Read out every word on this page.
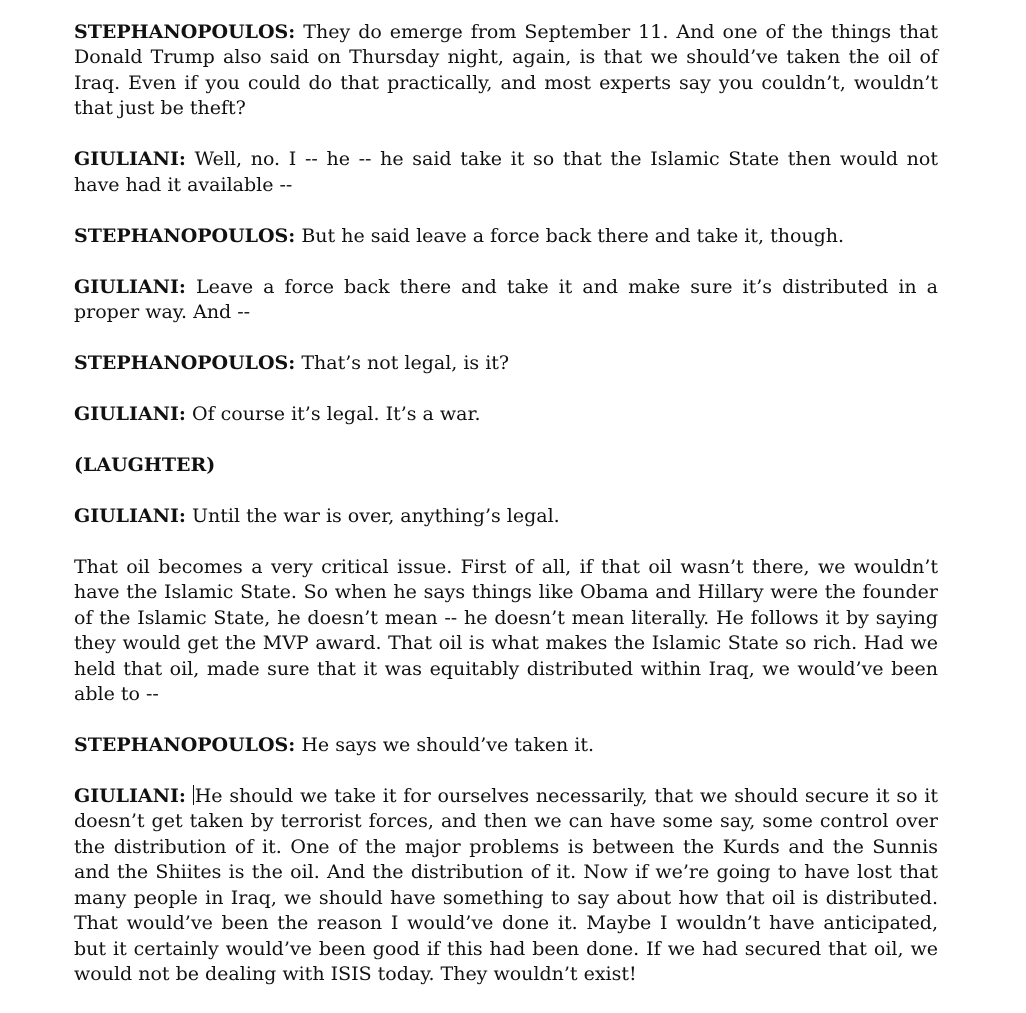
STEPHANOPOULOS: They do emerge from September 11. And one of the things that Donald Trump also said on Thursday night, again, is that we should’ve taken the oil of Iraq. Even if you could do that practically, and most experts say you couldn’t, wouldn’t that just be theft?

GIULIANI: Well, no. I -- he -- he said take it so that the Islamic State then would not have had it available --

STEPHANOPOULOS: But he said leave a force back there and take it, though.

GIULIANI: Leave a force back there and take it and make sure it’s distributed in a proper way. And --

STEPHANOPOULOS: That’s not legal, is it?

GIULIANI: Of course it’s legal. It’s a war.

(LAUGHTER)

GIULIANI: Until the war is over, anything’s legal.

That oil becomes a very critical issue. First of all, if that oil wasn’t there, we wouldn’t have the Islamic State. So when he says things like Obama and Hillary were the founder of the Islamic State, he doesn’t mean -- he doesn’t mean literally. He follows it by saying they would get the MVP award. That oil is what makes the Islamic State so rich. Had we held that oil, made sure that it was equitably distributed within Iraq, we would’ve been able to --

STEPHANOPOULOS: He says we should’ve taken it.

GIULIANI: He should we take it for ourselves necessarily, that we should secure it so it doesn’t get taken by terrorist forces, and then we can have some say, some control over the distribution of it. One of the major problems is between the Kurds and the Sunnis and the Shiites is the oil. And the distribution of it. Now if we’re going to have lost that many people in Iraq, we should have something to say about how that oil is distributed. That would’ve been the reason I would’ve done it. Maybe I wouldn’t have anticipated, but it certainly would’ve been good if this had been done. If we had secured that oil, we would not be dealing with ISIS today. They wouldn’t exist!
